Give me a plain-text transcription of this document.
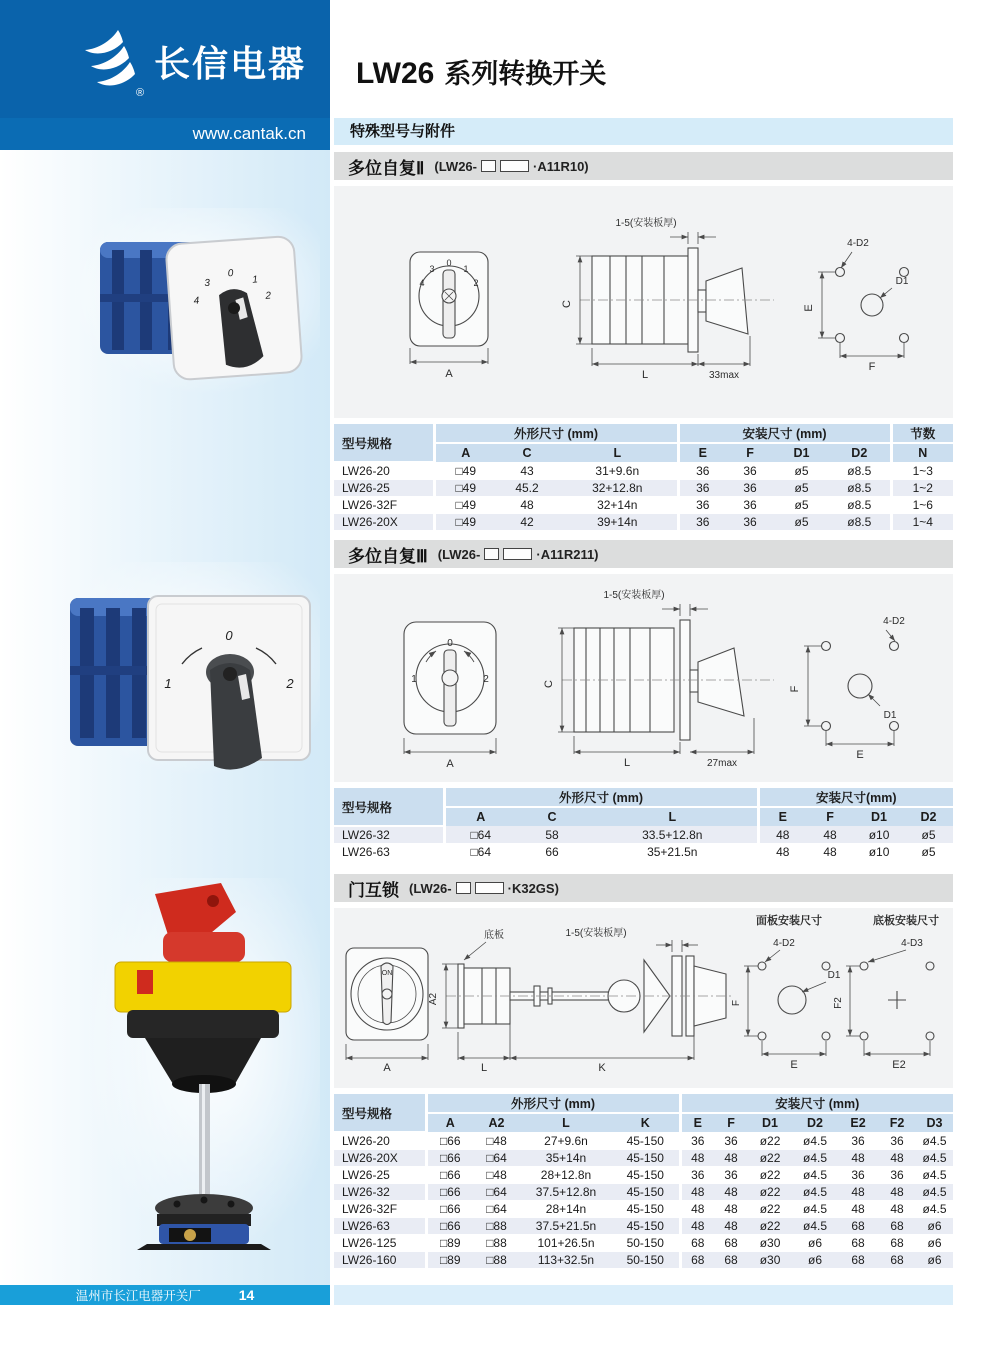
®
长信电器
www.cantak.cn
LW26 系列转换开关
特殊型号与附件
多位自复Ⅱ (LW26-	·A11R10)
4
3
0
1
2
A
C
L	33max
1-5(安装板厚)
4-D2
D1
E
F
型号规格	外形尺寸 (mm)			安装尺寸 (mm)				节数
	A	C	L	E	F	D1	D2	N
LW26-20	□49	43	31+9.6n	36	36	ø5	ø8.5	1~3
LW26-25	□49	45.2	32+12.8n	36	36	ø5	ø8.5	1~2
LW26-32F	□49	48	32+14n	36	36	ø5	ø8.5	1~6
LW26-20X	□49	42	39+14n	36	36	ø5	ø8.5	1~4
多位自复Ⅲ (LW26-	·A11R211)
1
0
2
A
C
L	27max
1-5(安装板厚)
4-D2
D1
F
E
型号规格	外形尺寸 (mm)			安装尺寸(mm)			
	A	C	L	E	F	D1	D2
LW26-32	□64	58	33.5+12.8n	48	48	ø10	ø5
LW26-63	□64	66	35+21.5n	48	48	ø10	ø5
门互锁 (LW26-	·K32GS)
面板安装尺寸	底板安装尺寸
ON
A
A2
L	K
底板	1-5(安装板厚)
4-D2
D1
F
E
4-D3
F2
E2
型号规格	外形尺寸 (mm)				安装尺寸 (mm)						
	A	A2	L	K	E	F	D1	D2	E2	F2	D3
LW26-20	□66	□48	27+9.6n	45-150	36	36	ø22	ø4.5	36	36	ø4.5
LW26-20X	□66	□64	35+14n	45-150	48	48	ø22	ø4.5	48	48	ø4.5
LW26-25	□66	□48	28+12.8n	45-150	36	36	ø22	ø4.5	36	36	ø4.5
LW26-32	□66	□64	37.5+12.8n	45-150	48	48	ø22	ø4.5	48	48	ø4.5
LW26-32F	□66	□64	28+14n	45-150	48	48	ø22	ø4.5	48	48	ø4.5
LW26-63	□66	□88	37.5+21.5n	45-150	48	48	ø22	ø4.5	68	68	ø6
LW26-125	□89	□88	101+26.5n	50-150	68	68	ø30	ø6	68	68	ø6
LW26-160	□89	□88	113+32.5n	50-150	68	68	ø30	ø6	68	68	ø6
4
3
0
1
2
1
0
2
温州市长江电器开关厂	14
